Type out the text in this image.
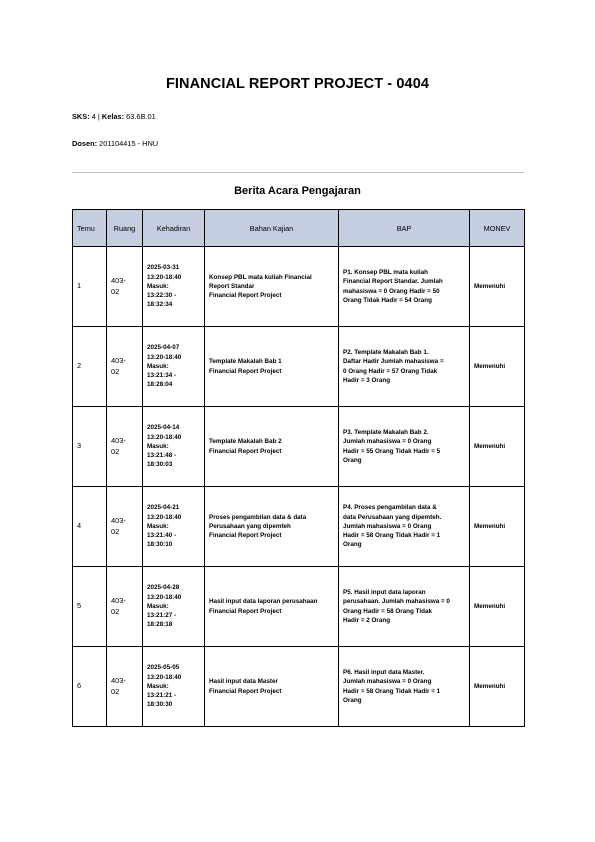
FINANCIAL REPORT PROJECT - 0404
SKS: 4 | Kelas: 63.6B.01
Dosen: 201104415 - HNU
Berita Acara Pengajaran
Temu	Ruang	Kehadiran	Bahan Kajian	BAP	MONEV
1	403-
02	2025-03-31
13:20-18:40
Masuk:
13:22:30 -
18:32:34	Konsep PBL mata kuliah Financial
Report Standar
Financial Report Project	P1. Konsep PBL mata kuliah
Financial Report Standar. Jumlah
mahasiswa = 0 Orang Hadir = 50
Orang Tidak Hadir = 54 Orang	Memenuhi
2	403-
02	2025-04-07
13:20-18:40
Masuk:
13:21:34 -
18:28:04	Template Makalah Bab 1
Financial Report Project	P2. Template Makalah Bab 1.
Daftar Hadir Jumlah mahasiswa =
0 Orang Hadir = 57 Orang Tidak
Hadir = 3 Orang	Memenuhi
3	403-
02	2025-04-14
13:20-18:40
Masuk:
13:21:48 -
18:30:03	Template Makalah Bab 2
Financial Report Project	P3. Template Makalah Bab 2.
Jumlah mahasiswa = 0 Orang
Hadir = 55 Orang Tidak Hadir = 5
Orang	Memenuhi
4	403-
02	2025-04-21
13:20-18:40
Masuk:
13:21:40 -
18:30:10	Proses pengambilan data & data
Perusahaan yang dipemteh
Financial Report Project	P4. Proses pengambilan data &
data Perusahaan yang dipemteh.
Jumlah mahasiswa = 0 Orang
Hadir = 58 Orang Tidak Hadir = 1
Orang	Memenuhi
5	403-
02	2025-04-28
13:20-18:40
Masuk:
13:21:27 -
18:28:18	Hasil input data laporan perusahaan
Financial Report Project	P5. Hasil input data laporan
perusahaan. Jumlah mahasiswa = 0
Orang Hadir = 58 Orang Tidak
Hadir = 2 Orang	Memenuhi
6	403-
02	2025-05-05
13:20-18:40
Masuk:
13:21:21 -
18:30:30	Hasil input data Master
Financial Report Project	P6. Hasil input data Master.
Jumlah mahasiswa = 0 Orang
Hadir = 58 Orang Tidak Hadir = 1
Orang	Memenuhi
